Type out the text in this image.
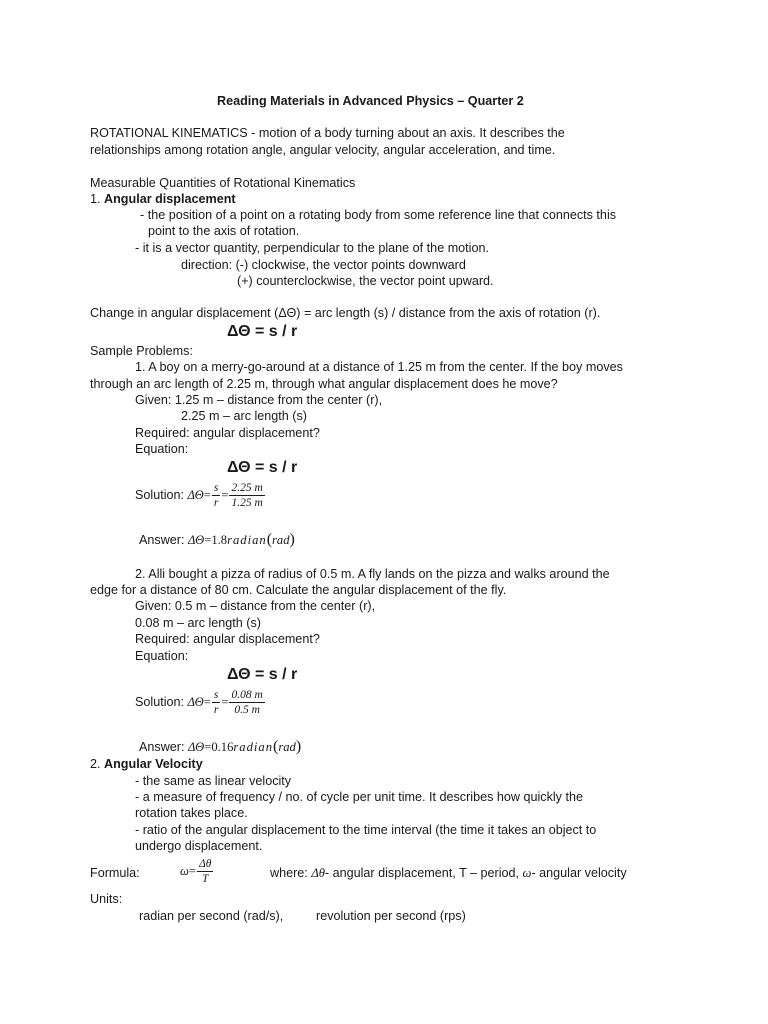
Reading Materials in Advanced Physics – Quarter 2
ROTATIONAL KINEMATICS - motion of a body turning about an axis. It describes the
relationships among rotation angle, angular velocity, angular acceleration, and time.
Measurable Quantities of Rotational Kinematics
1. Angular displacement
- the position of a point on a rotating body from some reference line that connects this
point to the axis of rotation.
- it is a vector quantity, perpendicular to the plane of the motion.
direction: (-) clockwise, the vector points downward
(+) counterclockwise, the vector point upward.
Change in angular displacement (ΔΘ) = arc length (s) / distance from the axis of rotation (r).
ΔΘ = s / r
Sample Problems:
1. A boy on a merry-go-around at a distance of 1.25 m from the center. If the boy moves
through an arc length of 2.25 m, through what angular displacement does he move?
Given: 1.25 m – distance from the center (r),
2.25 m – arc length (s)
Required: angular displacement?
Equation:
ΔΘ = s / r
Solution: $\Delta\Theta= \frac{s}{r} = \frac{2.25 m}{1.25 m}$
Answer: ΔΘ=1.8radian(rad)
2. Alli bought a pizza of radius of 0.5 m. A fly lands on the pizza and walks around the
edge for a distance of 80 cm. Calculate the angular displacement of the fly.
Given: 0.5 m – distance from the center (r),
0.08 m – arc length (s)
Required: angular displacement?
Equation:
ΔΘ = s / r
Solution: $\Delta\Theta= \frac{s}{r} = \frac{0.08 m}{0.5 m}$
Answer: ΔΘ=0.16radian(rad)
2. Angular Velocity
- the same as linear velocity
- a measure of frequency / no. of cycle per unit time. It describes how quickly the
rotation takes place.
- ratio of the angular displacement to the time interval (the time it takes an object to
undergo displacement.
Formula:	$\omega= \frac{\Delta\theta}{T}$	where: Δθ- angular displacement, T – period, ω- angular velocity
Units:
radian per second (rad/s),	revolution per second (rps)
